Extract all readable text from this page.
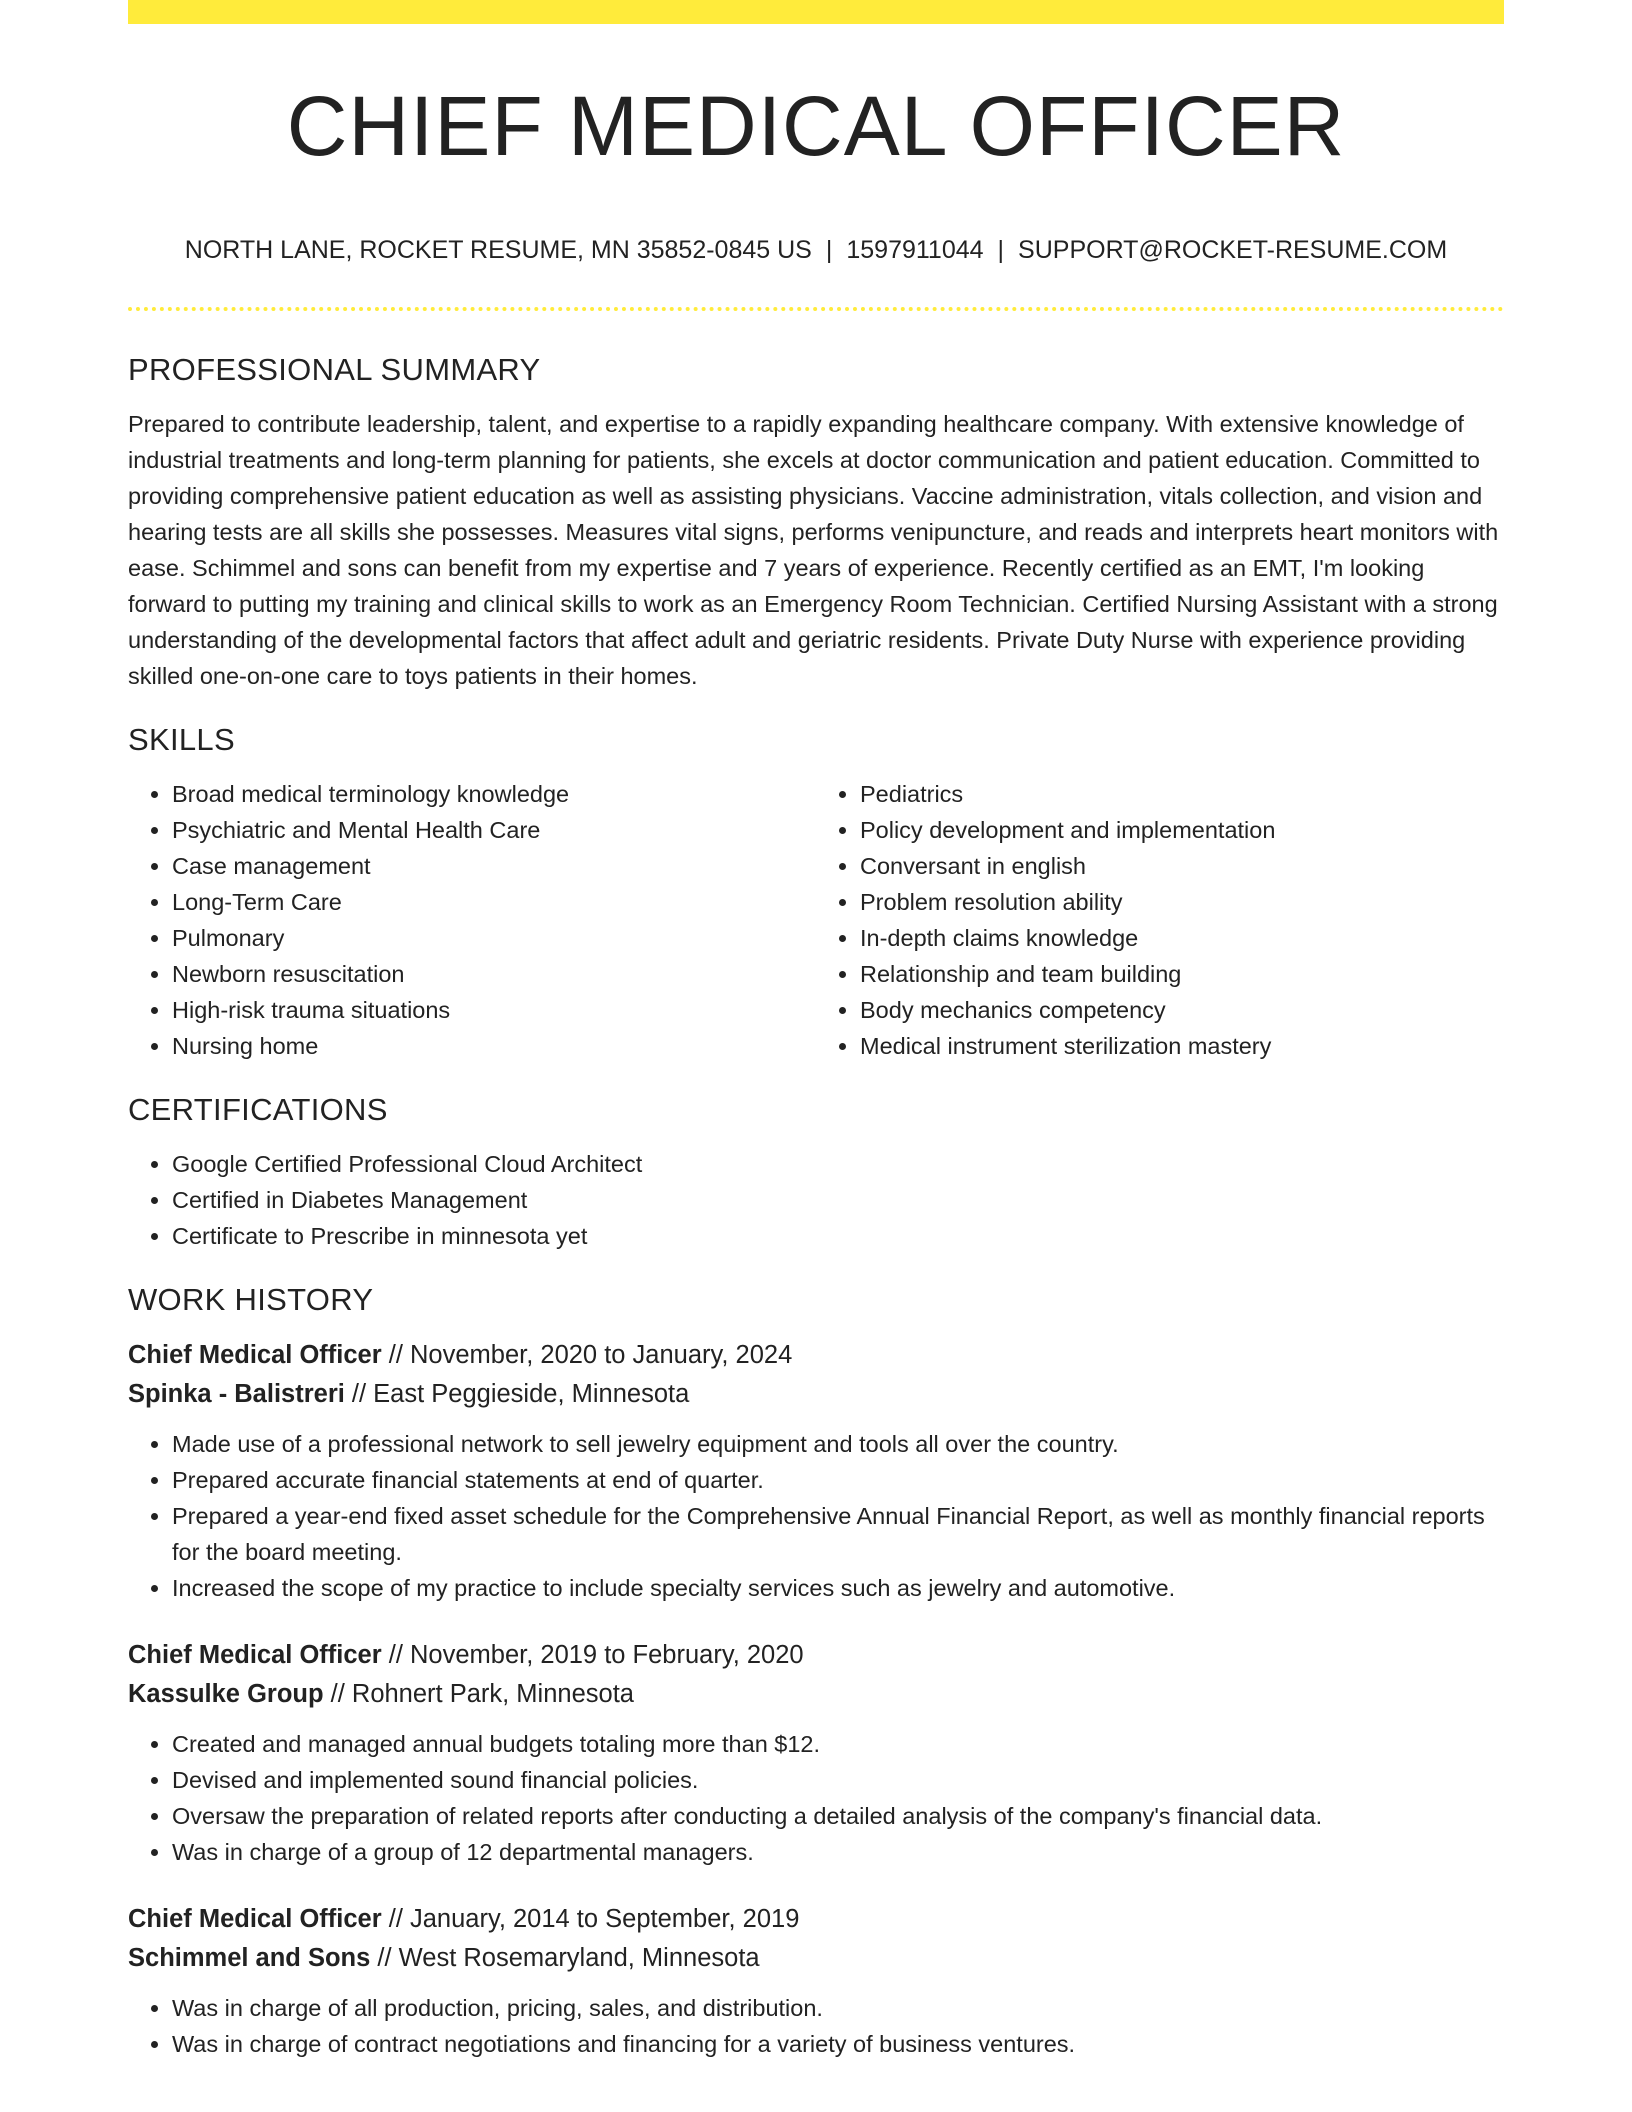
CHIEF MEDICAL OFFICER
NORTH LANE, ROCKET RESUME, MN 35852-0845 US | 1597911044 | SUPPORT@ROCKET-RESUME.COM
PROFESSIONAL SUMMARY

Prepared to contribute leadership, talent, and expertise to a rapidly expanding healthcare company. With extensive knowledge of industrial treatments and long-term planning for patients, she excels at doctor communication and patient education. Committed to providing comprehensive patient education as well as assisting physicians. Vaccine administration, vitals collection, and vision and hearing tests are all skills she possesses. Measures vital signs, performs venipuncture, and reads and interprets heart monitors with ease. Schimmel and sons can benefit from my expertise and 7 years of experience. Recently certified as an EMT, I'm looking forward to putting my training and clinical skills to work as an Emergency Room Technician. Certified Nursing Assistant with a strong understanding of the developmental factors that affect adult and geriatric residents. Private Duty Nurse with experience providing skilled one-on-one care to toys patients in their homes.

SKILLS
• Broad medical terminology knowledge
• Psychiatric and Mental Health Care
• Case management
• Long-Term Care
• Pulmonary
• Newborn resuscitation
• High-risk trauma situations
• Nursing home
• Pediatrics
• Policy development and implementation
• Conversant in english
• Problem resolution ability
• In-depth claims knowledge
• Relationship and team building
• Body mechanics competency
• Medical instrument sterilization mastery
CERTIFICATIONS
• Google Certified Professional Cloud Architect
• Certified in Diabetes Management
• Certificate to Prescribe in minnesota yet
WORK HISTORY
Chief Medical Officer // November, 2020 to January, 2024
Spinka - Balistreri // East Peggieside, Minnesota
• Made use of a professional network to sell jewelry equipment and tools all over the country.
• Prepared accurate financial statements at end of quarter.
• Prepared a year-end fixed asset schedule for the Comprehensive Annual Financial Report, as well as monthly financial reports for the board meeting.
• Increased the scope of my practice to include specialty services such as jewelry and automotive.
Chief Medical Officer // November, 2019 to February, 2020
Kassulke Group // Rohnert Park, Minnesota
• Created and managed annual budgets totaling more than $12.
• Devised and implemented sound financial policies.
• Oversaw the preparation of related reports after conducting a detailed analysis of the company's financial data.
• Was in charge of a group of 12 departmental managers.
Chief Medical Officer // January, 2014 to September, 2019
Schimmel and Sons // West Rosemaryland, Minnesota
• Was in charge of all production, pricing, sales, and distribution.
• Was in charge of contract negotiations and financing for a variety of business ventures.
